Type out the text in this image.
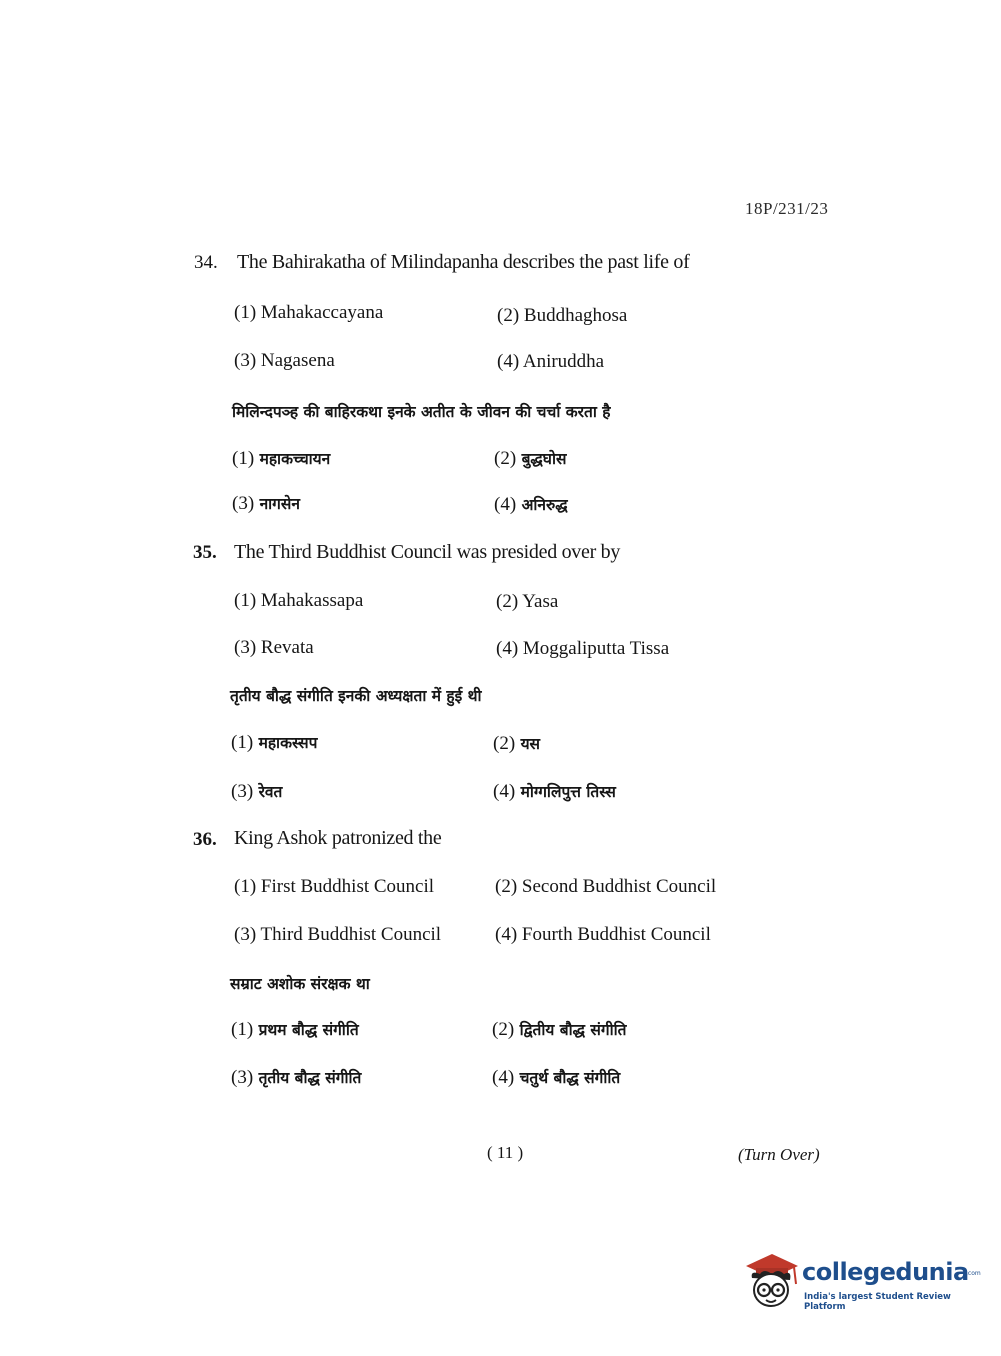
18P/231/23
34. The Bahirakatha of Milindapanha describes the past life of
(1) Mahakaccayana	(2) Buddhaghosa
(3) Nagasena	(4) Aniruddha
मिलिन्दपञ्ह की बाहिरकथा इनके अतीत के जीवन की चर्चा करता है
(1) महाकच्चायन	(2) बुद्धघोस
(3) नागसेन	(4) अनिरुद्ध
35. The Third Buddhist Council was presided over by
(1) Mahakassapa	(2) Yasa
(3) Revata	(4) Moggaliputta Tissa
तृतीय बौद्ध संगीति इनकी अध्यक्षता में हुई थी
(1) महाकस्सप	(2) यस
(3) रेवत	(4) मोग्गलिपुत्त तिस्स
36. King Ashok patronized the
(1) First Buddhist Council	(2) Second Buddhist Council
(3) Third Buddhist Council	(4) Fourth Buddhist Council
सम्राट अशोक संरक्षक था
(1) प्रथम बौद्ध संगीति	(2) द्वितीय बौद्ध संगीति
(3) तृतीय बौद्ध संगीति	(4) चतुर्थ बौद्ध संगीति
( 11 )	(Turn Over)
collegedunia
.com
India's largest Student Review Platform
